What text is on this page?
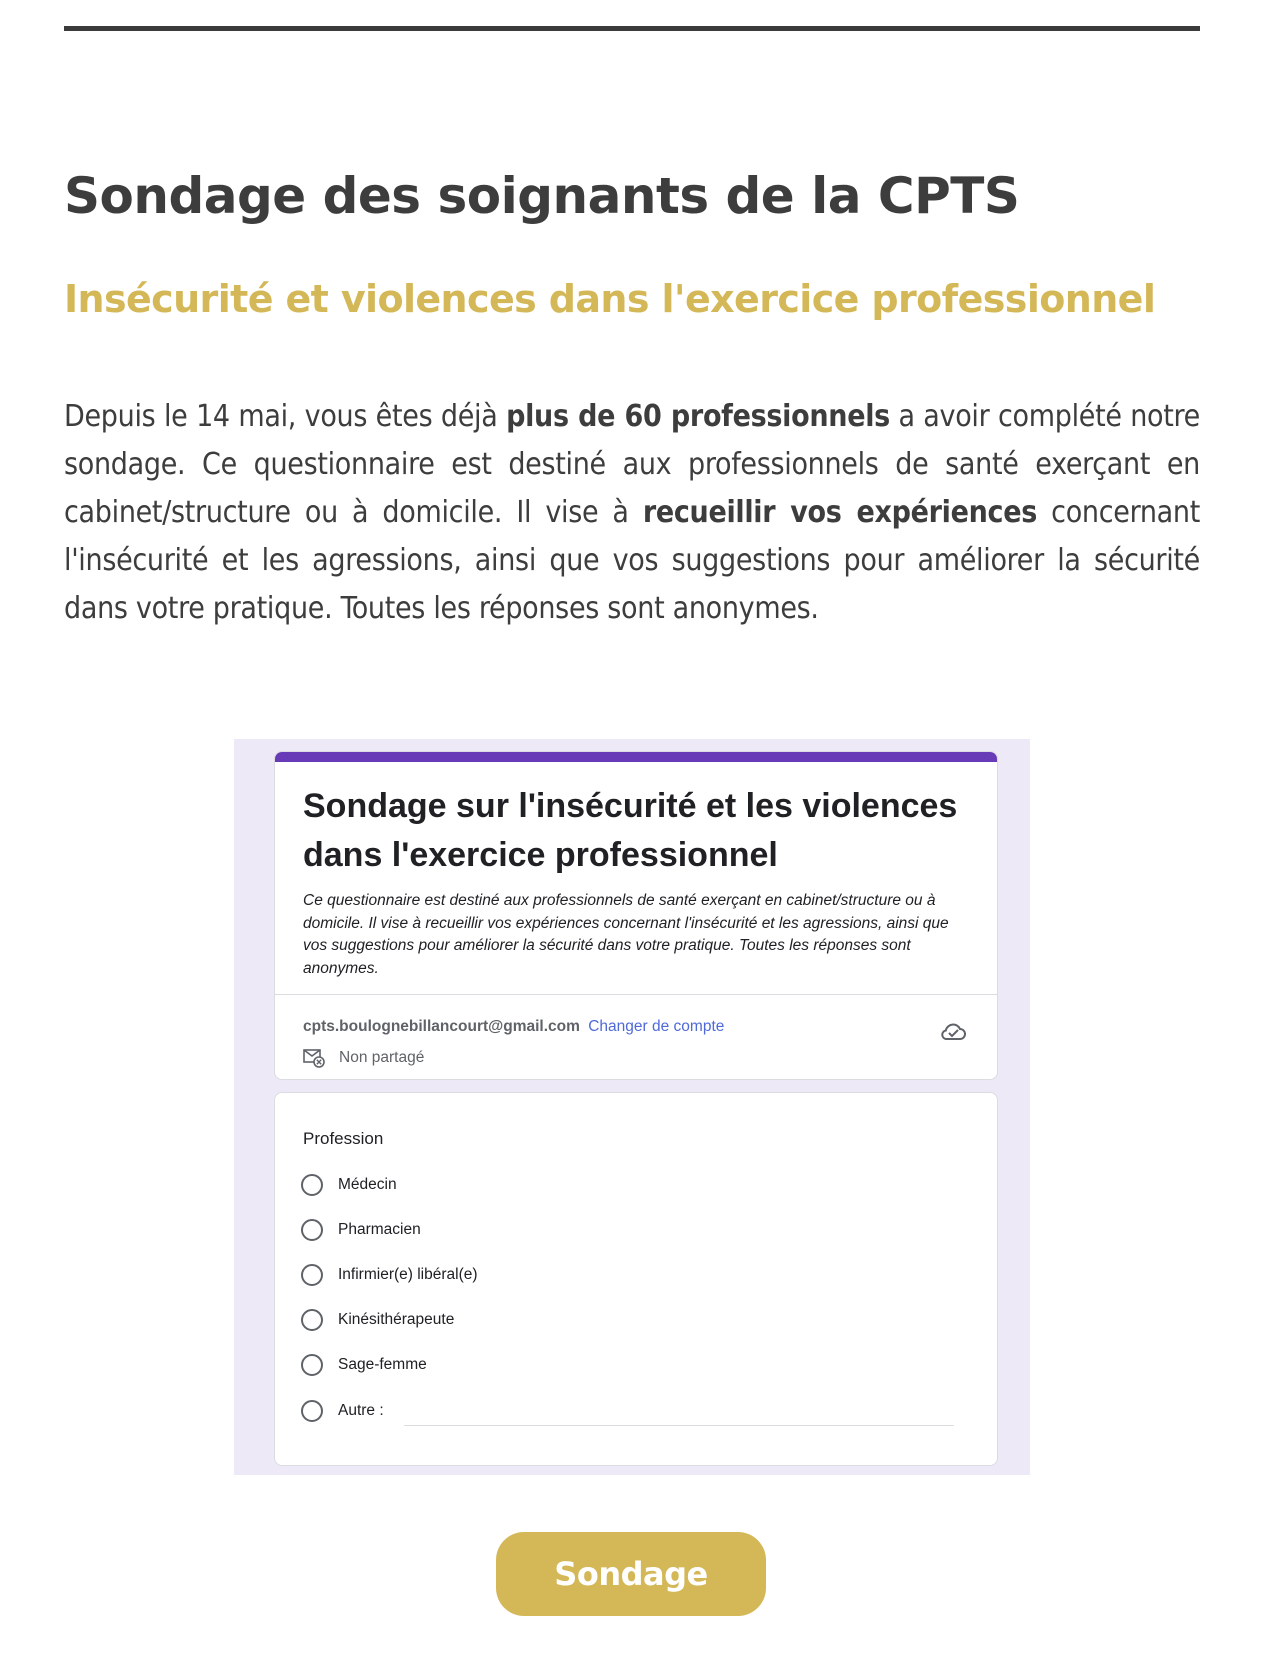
Sondage des soignants de la CPTS
Insécurité et violences dans l'exercice professionnel

Depuis le 14 mai, vous êtes déjà plus de 60 professionnels a avoir complété notre sondage. Ce questionnaire est destiné aux professionnels de santé exerçant en cabinet/structure ou à domicile. Il vise à recueillir vos expériences concernant l'insécurité et les agressions, ainsi que vos suggestions pour améliorer la sécurité dans votre pratique. Toutes les réponses sont anonymes.

Sondage sur l'insécurité et les violences dans l'exercice professionnel

Ce questionnaire est destiné aux professionnels de santé exerçant en cabinet/structure ou à domicile. Il vise à recueillir vos expériences concernant l'insécurité et les agressions, ainsi que vos suggestions pour améliorer la sécurité dans votre pratique. Toutes les réponses sont anonymes.

cpts.boulognebillancourt@gmail.com Changer de compte
Non partagé
Profession
Médecin
Pharmacien
Infirmier(e) libéral(e)
Kinésithérapeute
Sage-femme
Autre :
Sondage
